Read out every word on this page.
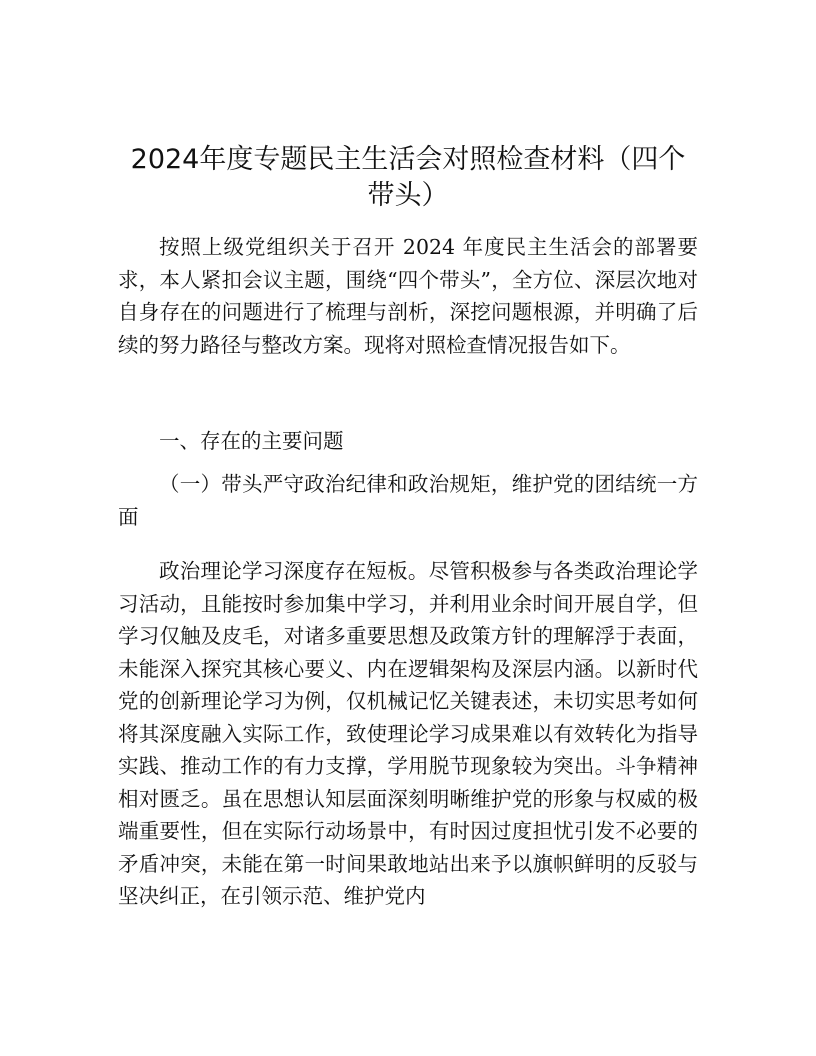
2024年度专题民主生活会对照检查材料（四个带头）

按照上级党组织关于召开 2024 年度民主生活会的部署要求，本人紧扣会议主题，围绕“四个带头”，全方位、深层次地对自身存在的问题进行了梳理与剖析，深挖问题根源，并明确了后续的努力路径与整改方案。现将对照检查情况报告如下。

一、存在的主要问题

（一）带头严守政治纪律和政治规矩，维护党的团结统一方面

政治理论学习深度存在短板。尽管积极参与各类政治理论学习活动，且能按时参加集中学习，并利用业余时间开展自学，但学习仅触及皮毛，对诸多重要思想及政策方针的理解浮于表面，未能深入探究其核心要义、内在逻辑架构及深层内涵。以新时代党的创新理论学习为例，仅机械记忆关键表述，未切实思考如何将其深度融入实际工作，致使理论学习成果难以有效转化为指导实践、推动工作的有力支撑，学用脱节现象较为突出。斗争精神相对匮乏。虽在思想认知层面深刻明晰维护党的形象与权威的极端重要性，但在实际行动场景中，有时因过度担忧引发不必要的矛盾冲突，未能在第一时间果敢地站出来予以旗帜鲜明的反驳与坚决纠正，在引领示范、维护党内
